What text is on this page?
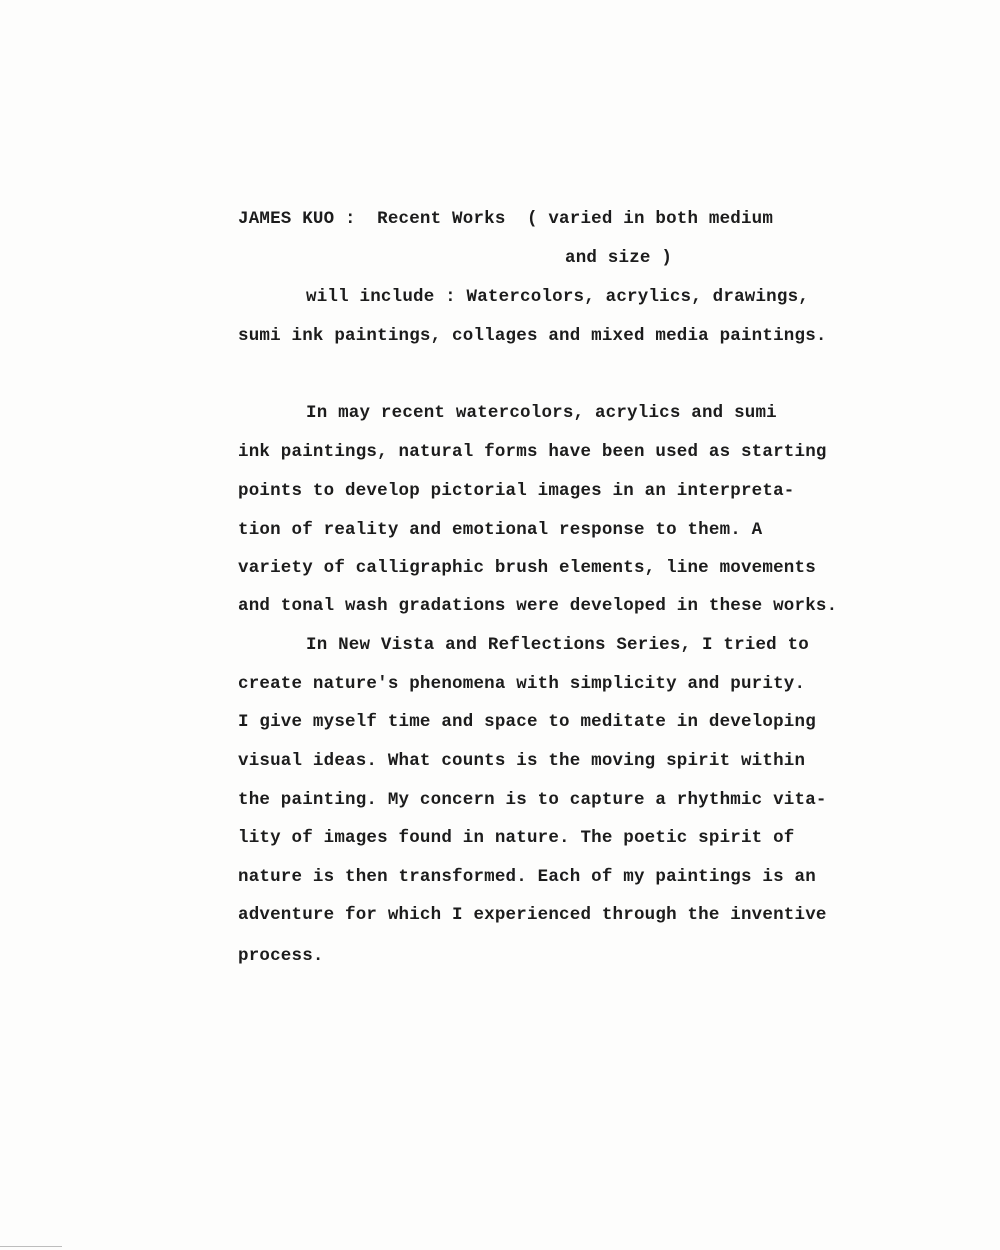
JAMES KUO :  Recent Works  ( varied in both medium
and size )
will include : Watercolors, acrylics, drawings,
sumi ink paintings, collages and mixed media paintings.
In may recent watercolors, acrylics and sumi
ink paintings, natural forms have been used as starting
points to develop pictorial images in an interpreta-
tion of reality and emotional response to them. A
variety of calligraphic brush elements, line movements
and tonal wash gradations were developed in these works.
In New Vista and Reflections Series, I tried to
create nature's phenomena with simplicity and purity.
I give myself time and space to meditate in developing
visual ideas. What counts is the moving spirit within
the painting. My concern is to capture a rhythmic vita-
lity of images found in nature. The poetic spirit of
nature is then transformed. Each of my paintings is an
adventure for which I experienced through the inventive
process.
